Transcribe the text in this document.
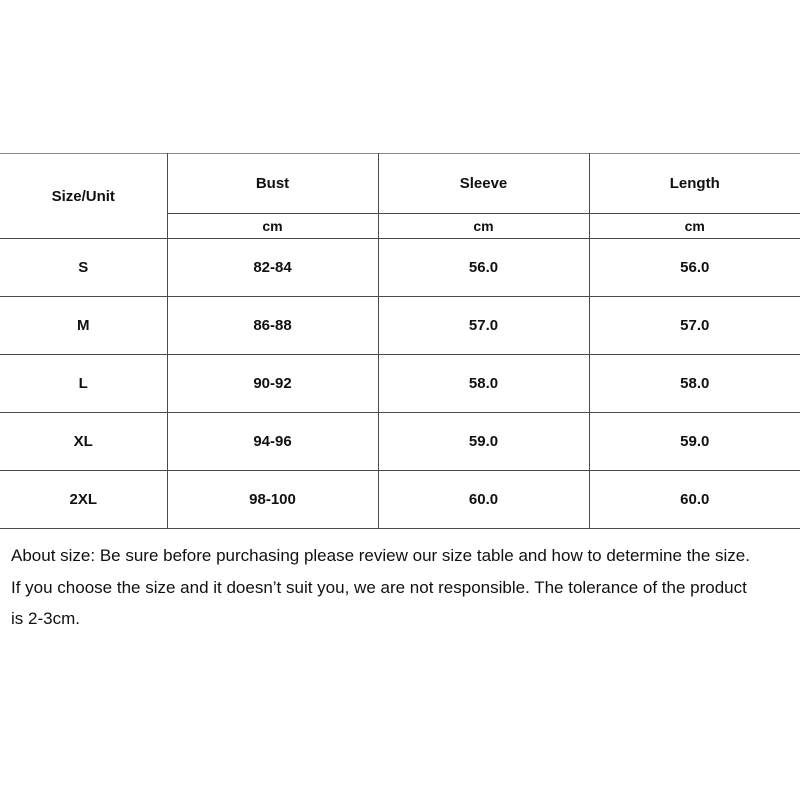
Size/Unit	Bust	Sleeve	Length
	cm	cm	cm
S	82-84	56.0	56.0
M	86-88	57.0	57.0
L	90-92	58.0	58.0
XL	94-96	59.0	59.0
2XL	98-100	60.0	60.0

About size: Be sure before purchasing please review our size table and how to determine the size.
If you choose the size and it doesn’t suit you, we are not responsible. The tolerance of the product
is 2-3cm.
